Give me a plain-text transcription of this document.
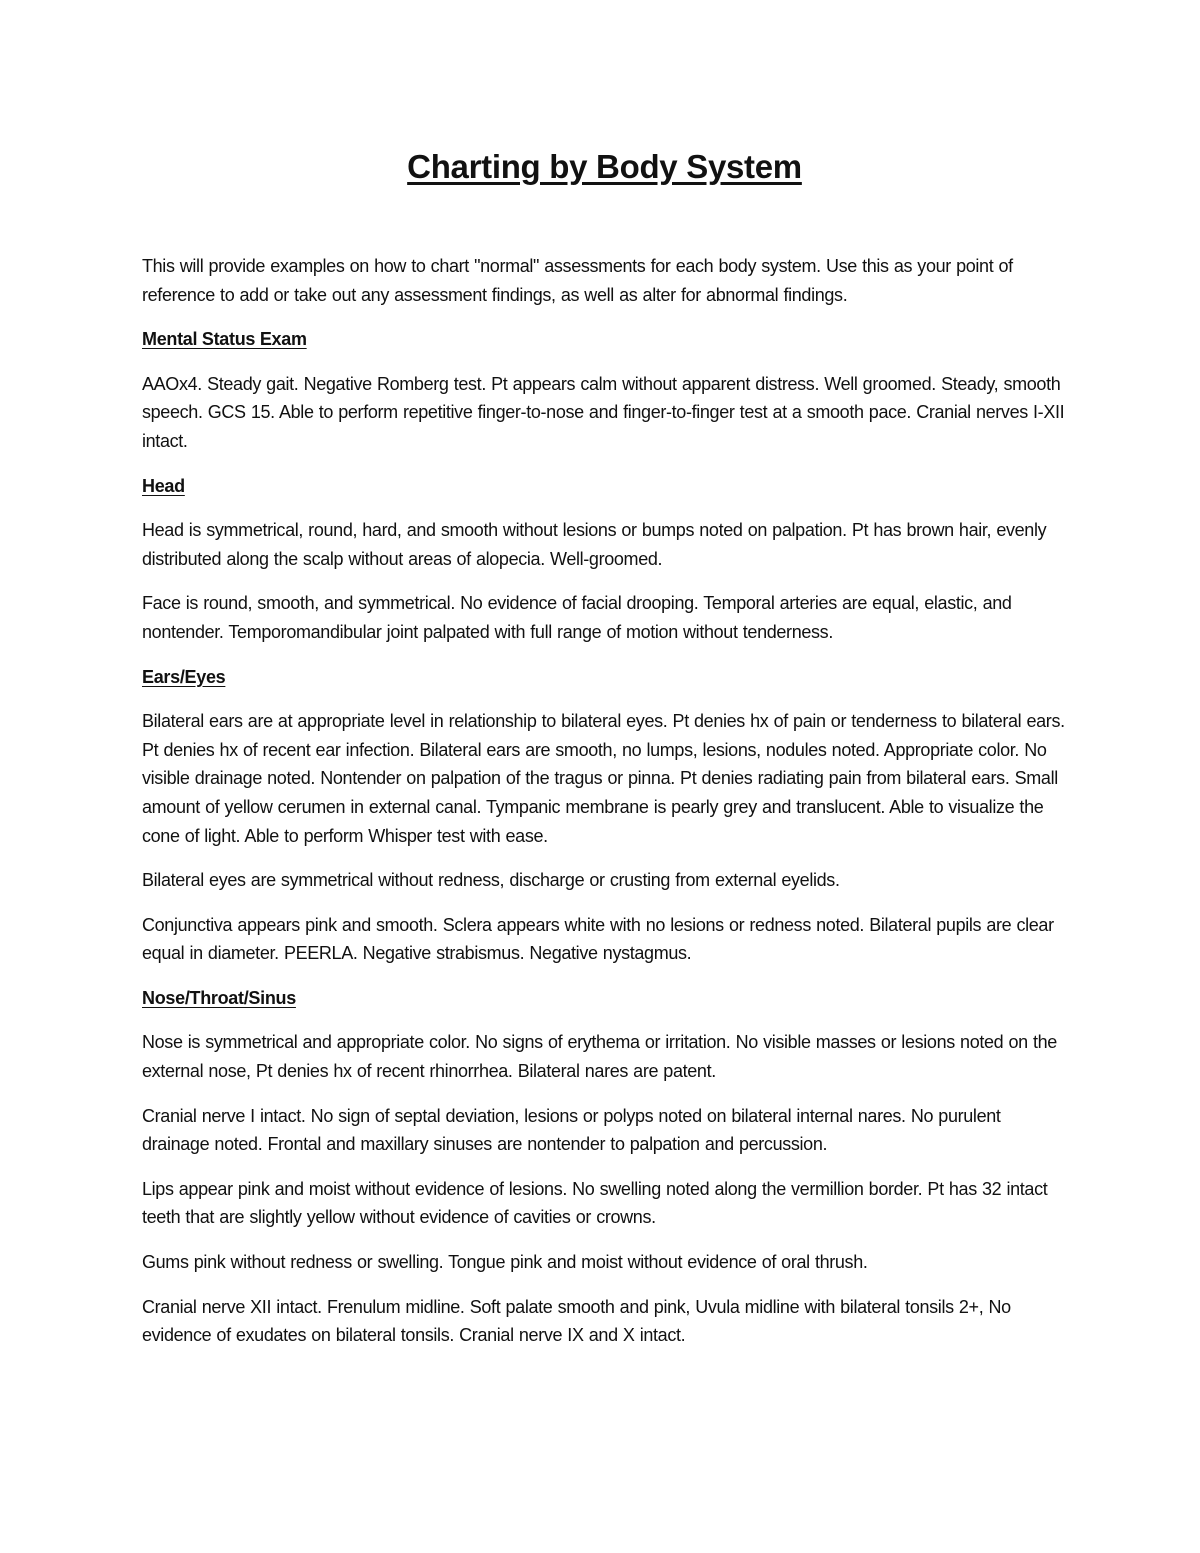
Charting by Body System

This will provide examples on how to chart "normal" assessments for each body system. Use this as your point of reference to add or take out any assessment findings, as well as alter for abnormal findings.

Mental Status Exam

AAOx4. Steady gait. Negative Romberg test. Pt appears calm without apparent distress. Well groomed. Steady, smooth speech. GCS 15. Able to perform repetitive finger-to-nose and finger-to-finger test at a smooth pace. Cranial nerves I-XII intact.

Head

Head is symmetrical, round, hard, and smooth without lesions or bumps noted on palpation. Pt has brown hair, evenly distributed along the scalp without areas of alopecia. Well-groomed.

Face is round, smooth, and symmetrical. No evidence of facial drooping. Temporal arteries are equal, elastic, and nontender. Temporomandibular joint palpated with full range of motion without tenderness.

Ears/Eyes

Bilateral ears are at appropriate level in relationship to bilateral eyes. Pt denies hx of pain or tenderness to bilateral ears. Pt denies hx of recent ear infection. Bilateral ears are smooth, no lumps, lesions, nodules noted. Appropriate color. No visible drainage noted. Nontender on palpation of the tragus or pinna. Pt denies radiating pain from bilateral ears. Small amount of yellow cerumen in external canal. Tympanic membrane is pearly grey and translucent. Able to visualize the cone of light. Able to perform Whisper test with ease.

Bilateral eyes are symmetrical without redness, discharge or crusting from external eyelids.

Conjunctiva appears pink and smooth. Sclera appears white with no lesions or redness noted. Bilateral pupils are clear equal in diameter. PEERLA. Negative strabismus. Negative nystagmus.

Nose/Throat/Sinus

Nose is symmetrical and appropriate color. No signs of erythema or irritation. No visible masses or lesions noted on the external nose, Pt denies hx of recent rhinorrhea. Bilateral nares are patent.

Cranial nerve I intact. No sign of septal deviation, lesions or polyps noted on bilateral internal nares. No purulent drainage noted. Frontal and maxillary sinuses are nontender to palpation and percussion.

Lips appear pink and moist without evidence of lesions. No swelling noted along the vermillion border. Pt has 32 intact teeth that are slightly yellow without evidence of cavities or crowns.

Gums pink without redness or swelling. Tongue pink and moist without evidence of oral thrush.

Cranial nerve XII intact. Frenulum midline. Soft palate smooth and pink, Uvula midline with bilateral tonsils 2+, No evidence of exudates on bilateral tonsils. Cranial nerve IX and X intact.
